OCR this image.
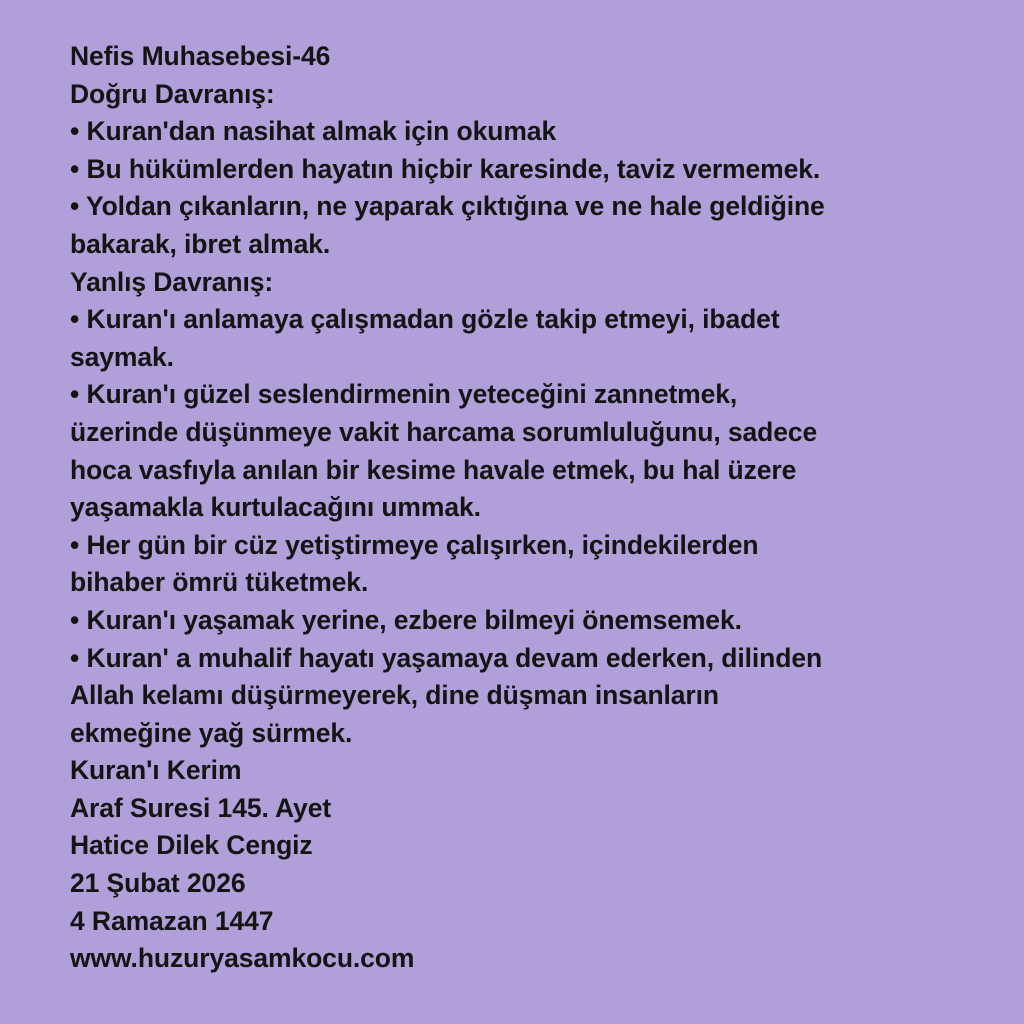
Nefis Muhasebesi-46
Doğru Davranış:
• Kuran'dan nasihat almak için okumak
• Bu hükümlerden hayatın hiçbir karesinde, taviz vermemek.
• Yoldan çıkanların, ne yaparak çıktığına ve ne hale geldiğine
bakarak, ibret almak.
Yanlış Davranış:
• Kuran'ı anlamaya çalışmadan gözle takip etmeyi, ibadet
saymak.
• Kuran'ı güzel seslendirmenin yeteceğini zannetmek,
üzerinde düşünmeye vakit harcama sorumluluğunu, sadece
hoca vasfıyla anılan bir kesime havale etmek, bu hal üzere
yaşamakla kurtulacağını ummak.
• Her gün bir cüz yetiştirmeye çalışırken, içindekilerden
bihaber ömrü tüketmek.
• Kuran'ı yaşamak yerine, ezbere bilmeyi önemsemek.
• Kuran' a muhalif hayatı yaşamaya devam ederken, dilinden
Allah kelamı düşürmeyerek, dine düşman insanların
ekmeğine yağ sürmek.
Kuran'ı Kerim
Araf Suresi 145. Ayet
Hatice Dilek Cengiz
21 Şubat 2026
4 Ramazan 1447
www.huzuryasamkocu.com
